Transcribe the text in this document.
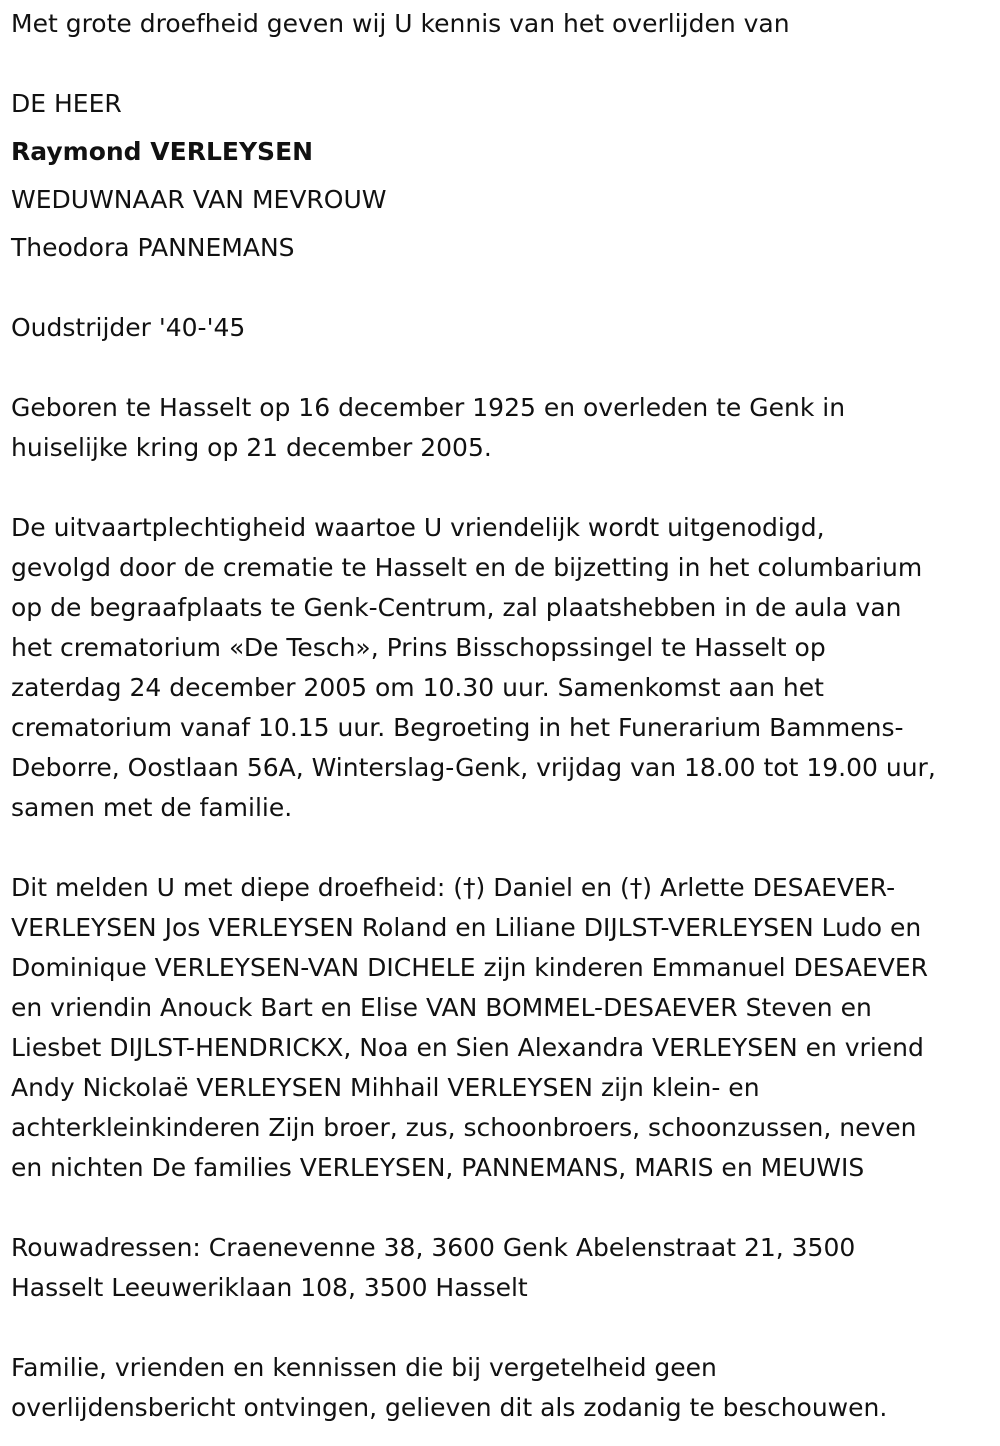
Met grote droefheid geven wij U kennis van het overlijden van

DE HEER
Raymond VERLEYSEN
WEDUWNAAR VAN MEVROUW
Theodora PANNEMANS

Oudstrijder '40-'45

Geboren te Hasselt op 16 december 1925 en overleden te Genk in
huiselijke kring op 21 december 2005.

De uitvaartplechtigheid waartoe U vriendelijk wordt uitgenodigd,
gevolgd door de crematie te Hasselt en de bijzetting in het columbarium
op de begraafplaats te Genk-Centrum, zal plaatshebben in de aula van
het crematorium «De Tesch», Prins Bisschopssingel te Hasselt op
zaterdag 24 december 2005 om 10.30 uur. Samenkomst aan het
crematorium vanaf 10.15 uur. Begroeting in het Funerarium Bammens-
Deborre, Oostlaan 56A, Winterslag-Genk, vrijdag van 18.00 tot 19.00 uur,
samen met de familie.

Dit melden U met diepe droefheid: (†) Daniel en (†) Arlette DESAEVER-
VERLEYSEN Jos VERLEYSEN Roland en Liliane DIJLST-VERLEYSEN Ludo en
Dominique VERLEYSEN-VAN DICHELE zijn kinderen Emmanuel DESAEVER
en vriendin Anouck Bart en Elise VAN BOMMEL-DESAEVER Steven en
Liesbet DIJLST-HENDRICKX, Noa en Sien Alexandra VERLEYSEN en vriend
Andy Nickolaë VERLEYSEN Mihhail VERLEYSEN zijn klein- en
achterkleinkinderen Zijn broer, zus, schoonbroers, schoonzussen, neven
en nichten De families VERLEYSEN, PANNEMANS, MARIS en MEUWIS

Rouwadressen: Craenevenne 38, 3600 Genk Abelenstraat 21, 3500
Hasselt Leeuweriklaan 108, 3500 Hasselt

Familie, vrienden en kennissen die bij vergetelheid geen
overlijdensbericht ontvingen, gelieven dit als zodanig te beschouwen.
